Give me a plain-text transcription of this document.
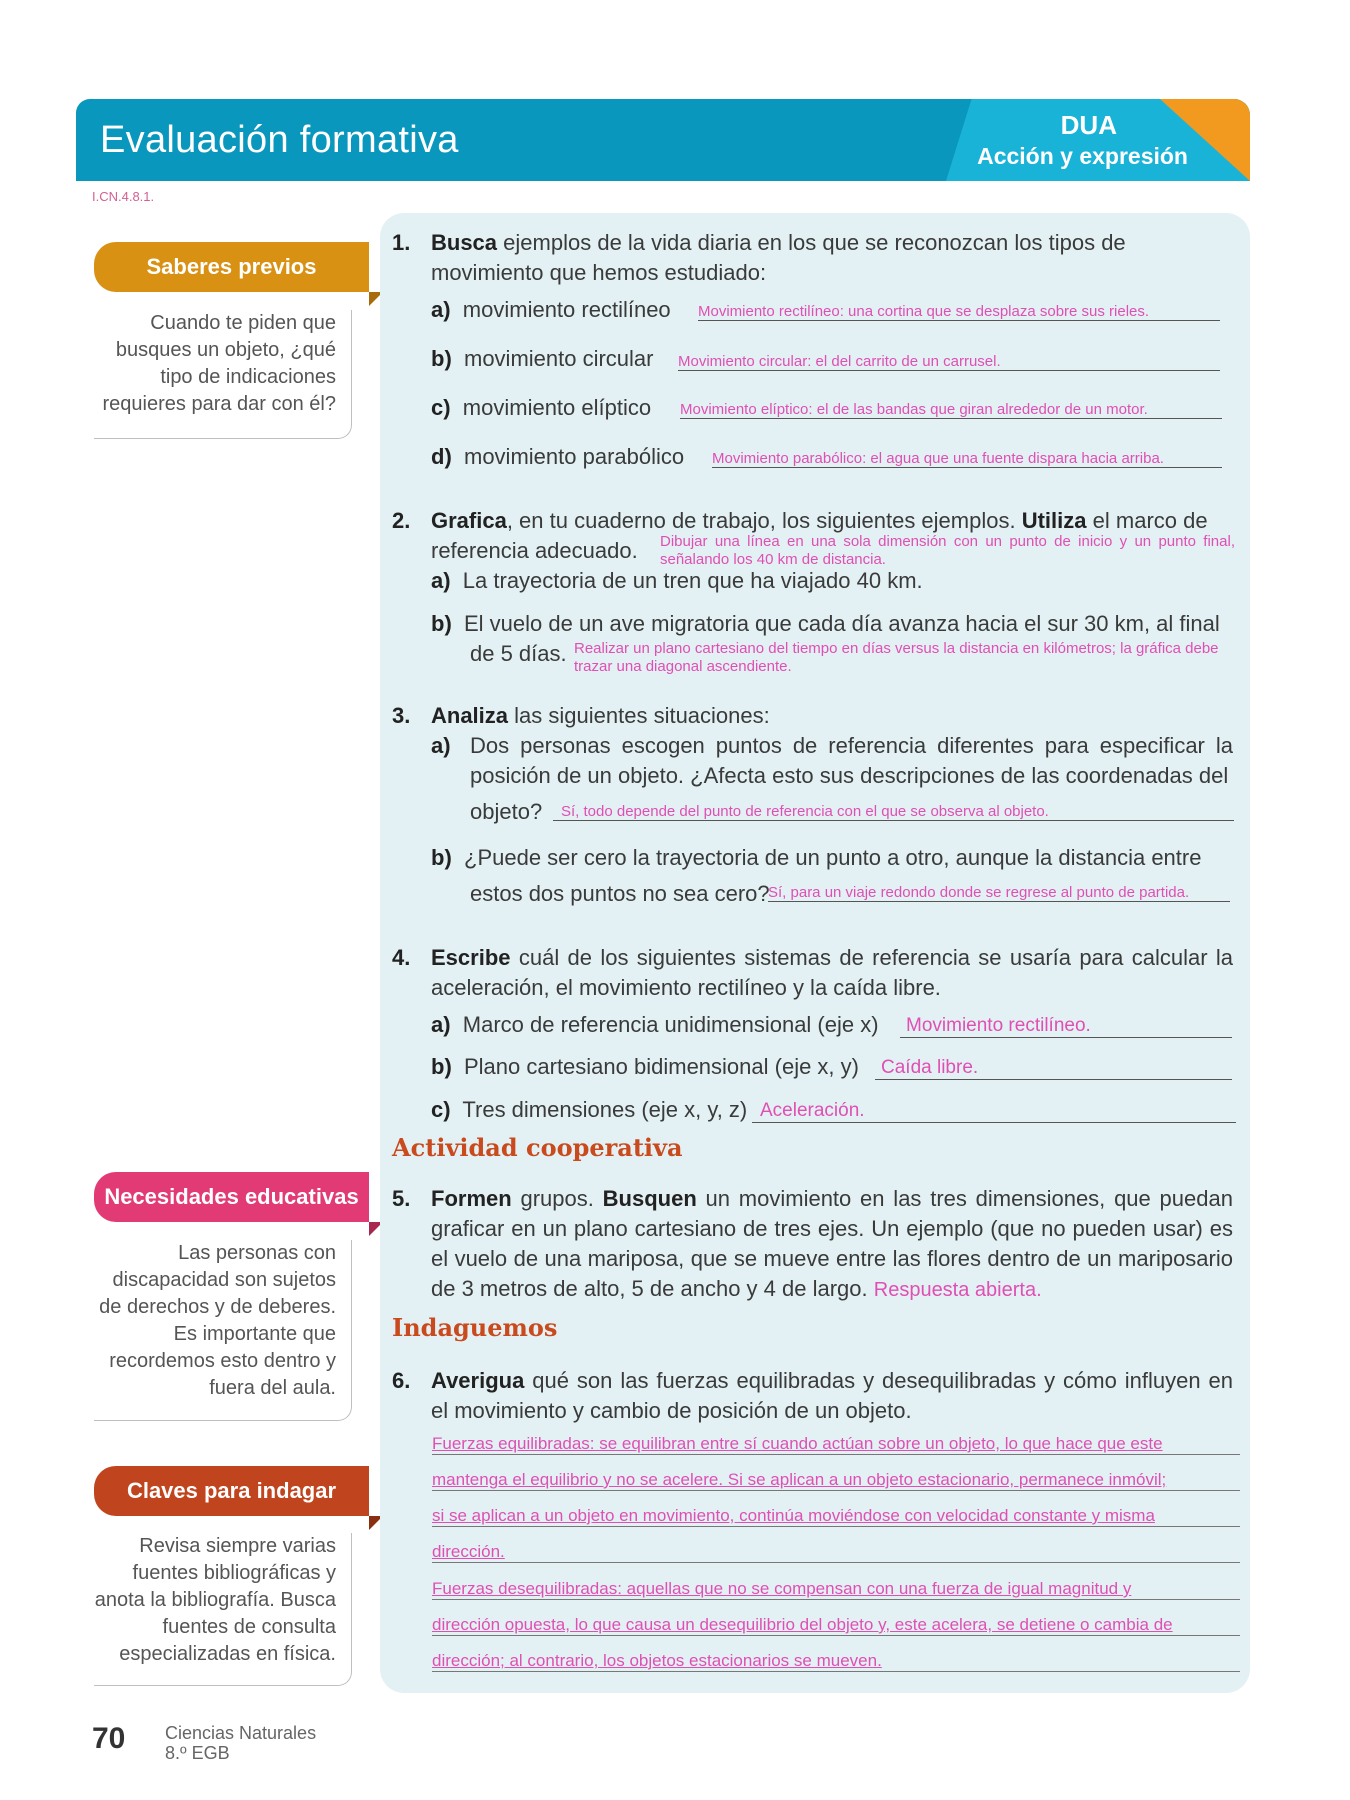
Evaluación formativa	DUA
Acción y expresión
I.CN.4.8.1.
Saberes previos
Cuando te piden que busques un objeto, ¿qué tipo de indicaciones requieres para dar con él?
Necesidades educativas
Las personas con discapacidad son sujetos de derechos y de deberes. Es importante que recordemos esto dentro y fuera del aula.
Claves para indagar
Revisa siempre varias fuentes bibliográficas y anota la bibliografía. Busca fuentes de consulta especializadas en física.
1. Busca ejemplos de la vida diaria en los que se reconozcan los tipos de movimiento que hemos estudiado:
a) movimiento rectilíneo Movimiento rectilíneo: una cortina que se desplaza sobre sus rieles.
b) movimiento circular Movimiento circular: el del carrito de un carrusel.
c) movimiento elíptico Movimiento elíptico: el de las bandas que giran alrededor de un motor.
d) movimiento parabólico Movimiento parabólico: el agua que una fuente dispara hacia arriba.
2. Grafica, en tu cuaderno de trabajo, los siguientes ejemplos. Utiliza el marco de
referencia adecuado. Dibujar una línea en una sola dimensión con un punto de inicio y un punto final, señalando los 40 km de distancia.
a) La trayectoria de un tren que ha viajado 40 km.
b) El vuelo de un ave migratoria que cada día avanza hacia el sur 30 km, al final
de 5 días. Realizar un plano cartesiano del tiempo en días versus la distancia en kilómetros; la gráfica debe trazar una diagonal ascendiente.
3. Analiza las siguientes situaciones:
a) Dos personas escogen puntos de referencia diferentes para especificar la posición de un objeto. ¿Afecta esto sus descripciones de las coordenadas del
objeto?	Sí, todo depende del punto de referencia con el que se observa al objeto.
b) ¿Puede ser cero la trayectoria de un punto a otro, aunque la distancia entre
estos dos puntos no sea cero?
Sí, para un viaje redondo donde se regrese al punto de partida.
4. Escribe cuál de los siguientes sistemas de referencia se usaría para calcular la aceleración, el movimiento rectilíneo y la caída libre.
a) Marco de referencia unidimensional (eje x)	Movimiento rectilíneo.
b) Plano cartesiano bidimensional (eje x, y)	Caída libre.
c) Tres dimensiones (eje x, y, z) Aceleración.
Actividad cooperativa
5. Formen grupos. Busquen un movimiento en las tres dimensiones, que puedan graficar en un plano cartesiano de tres ejes. Un ejemplo (que no pueden usar) es el vuelo de una mariposa, que se mueve entre las flores dentro de un mariposario de 3 metros de alto, 5 de ancho y 4 de largo. Respuesta abierta.
Indaguemos
6. Averigua qué son las fuerzas equilibradas y desequilibradas y cómo influyen en el movimiento y cambio de posición de un objeto.
Fuerzas equilibradas: se equilibran entre sí cuando actúan sobre un objeto, lo que hace que este
mantenga el equilibrio y no se acelere. Si se aplican a un objeto estacionario, permanece inmóvil;
si se aplican a un objeto en movimiento, continúa moviéndose con velocidad constante y misma
dirección.
Fuerzas desequilibradas: aquellas que no se compensan con una fuerza de igual magnitud y
dirección opuesta, lo que causa un desequilibrio del objeto y, este acelera, se detiene o cambia de
dirección; al contrario, los objetos estacionarios se mueven.
70 Ciencias Naturales
8.º EGB
